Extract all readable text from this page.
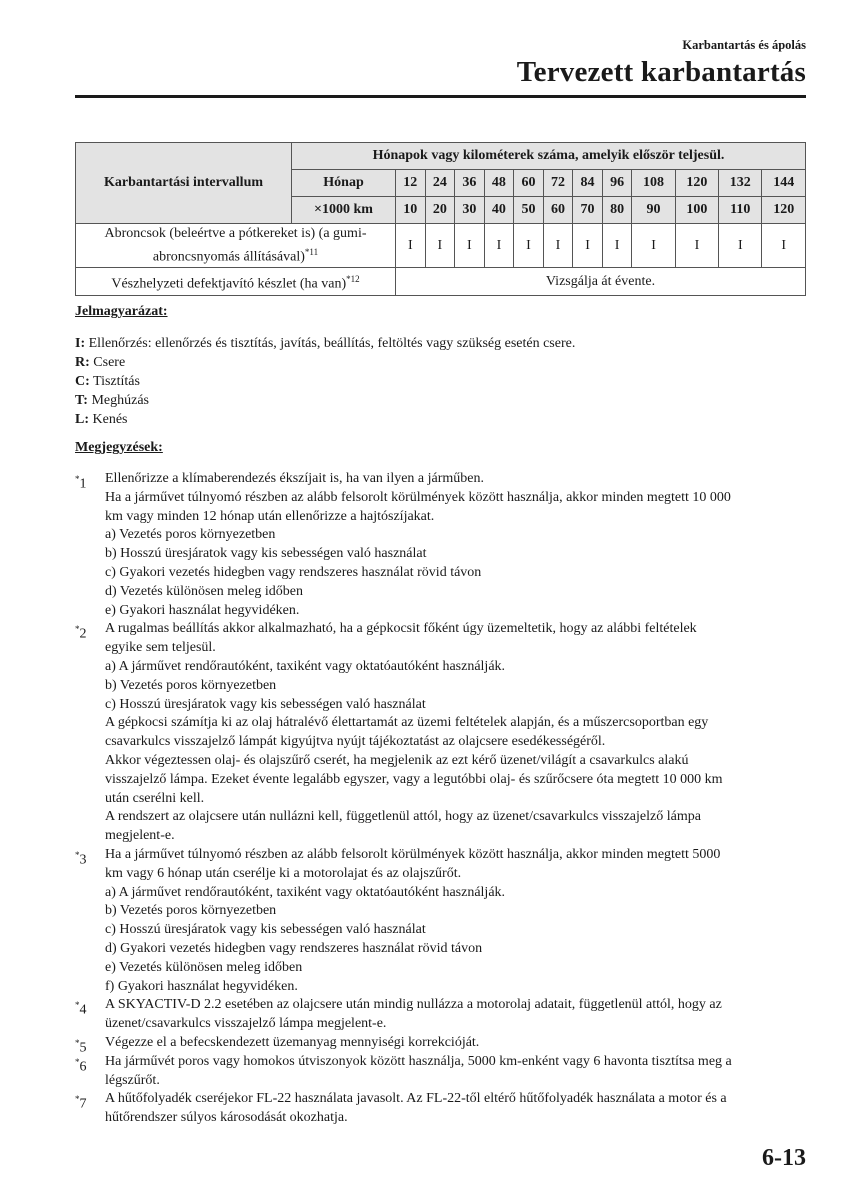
Karbantartás és ápolás
Tervezett karbantartás
Karbantartási intervallum	Hónapok vagy kilométerek száma, amelyik először teljesül.												
	Hónap	12	24	36	48	60	72	84	96	108	120	132	144
	×1000 km	10	20	30	40	50	60	70	80	90	100	110	120
Abroncsok (beleértve a pótkereket is) (a gumi-
abroncsnyomás állításával)$^{*11}$		I	I	I	I	I	I	I	I	I	I	I	I
Vészhelyzeti defektjavító készlet (ha van)$^{*12}$		Vizsgálja át évente.											
Jelmagyarázat:
I: Ellenőrzés: ellenőrzés és tisztítás, javítás, beállítás, feltöltés vagy szükség esetén csere.
R: Csere
C: Tisztítás
T: Meghúzás
L: Kenés
Megjegyzések:
*1 Ellenőrizze a klímaberendezés ékszíjait is, ha van ilyen a járműben.
Ha a járművet túlnyomó részben az alább felsorolt körülmények között használja, akkor minden megtett 10 000
km vagy minden 12 hónap után ellenőrizze a hajtószíjakat.
a) Vezetés poros környezetben
b) Hosszú üresjáratok vagy kis sebességen való használat
c) Gyakori vezetés hidegben vagy rendszeres használat rövid távon
d) Vezetés különösen meleg időben
e) Gyakori használat hegyvidéken.
*2 A rugalmas beállítás akkor alkalmazható, ha a gépkocsit főként úgy üzemeltetik, hogy az alábbi feltételek
egyike sem teljesül.
a) A járművet rendőrautóként, taxiként vagy oktatóautóként használják.
b) Vezetés poros környezetben
c) Hosszú üresjáratok vagy kis sebességen való használat
A gépkocsi számítja ki az olaj hátralévő élettartamát az üzemi feltételek alapján, és a műszercsoportban egy
csavarkulcs visszajelző lámpát kigyújtva nyújt tájékoztatást az olajcsere esedékességéről.
Akkor végeztessen olaj- és olajszűrő cserét, ha megjelenik az ezt kérő üzenet/világít a csavarkulcs alakú
visszajelző lámpa. Ezeket évente legalább egyszer, vagy a legutóbbi olaj- és szűrőcsere óta megtett 10 000 km
után cserélni kell.
A rendszert az olajcsere után nullázni kell, függetlenül attól, hogy az üzenet/csavarkulcs visszajelző lámpa
megjelent-e.
*3 Ha a járművet túlnyomó részben az alább felsorolt körülmények között használja, akkor minden megtett 5000
km vagy 6 hónap után cserélje ki a motorolajat és az olajszűrőt.
a) A járművet rendőrautóként, taxiként vagy oktatóautóként használják.
b) Vezetés poros környezetben
c) Hosszú üresjáratok vagy kis sebességen való használat
d) Gyakori vezetés hidegben vagy rendszeres használat rövid távon
e) Vezetés különösen meleg időben
f) Gyakori használat hegyvidéken.
*4 A SKYACTIV-D 2.2 esetében az olajcsere után mindig nullázza a motorolaj adatait, függetlenül attól, hogy az
üzenet/csavarkulcs visszajelző lámpa megjelent-e.
*5 Végezze el a befecskendezett üzemanyag mennyiségi korrekcióját.
*6 Ha járművét poros vagy homokos útviszonyok között használja, 5000 km-enként vagy 6 havonta tisztítsa meg a
légszűrőt.
*7 A hűtőfolyadék cseréjekor FL-22 használata javasolt. Az FL-22-től eltérő hűtőfolyadék használata a motor és a
hűtőrendszer súlyos károsodását okozhatja.
6-13
